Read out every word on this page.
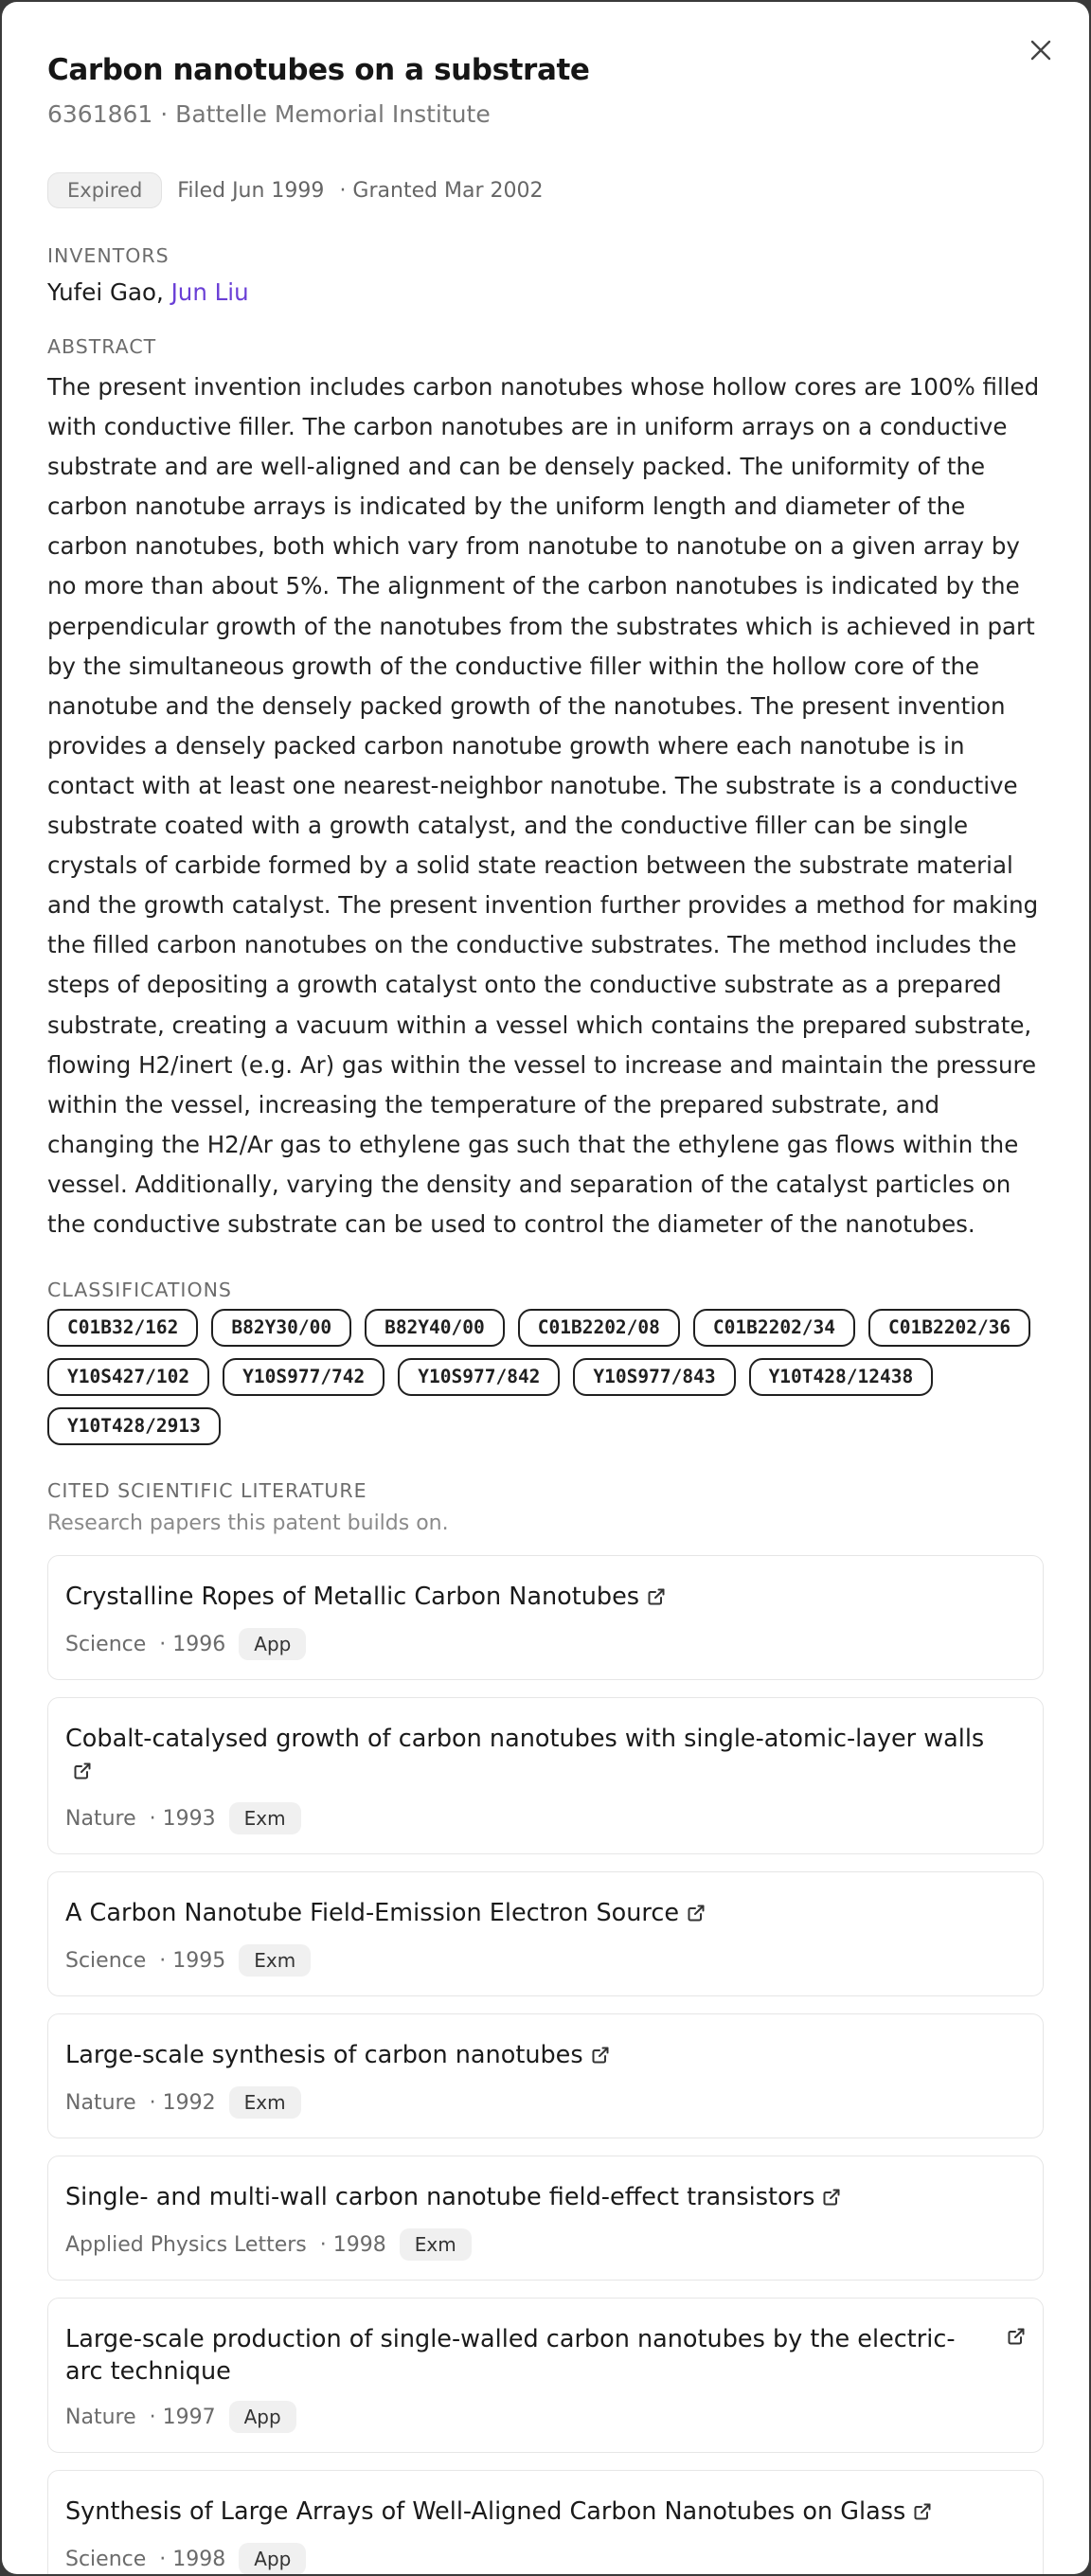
Carbon nanotubes on a substrate
6361861 · Battelle Memorial Institute
Expired	Filed Jun 1999 · Granted Mar 2002
INVENTORS
Yufei Gao, Jun Liu
ABSTRACT
The present invention includes carbon nanotubes whose hollow cores are 100% filled with conductive filler. The carbon nanotubes are in uniform arrays on a conductive substrate and are well-aligned and can be densely packed. The uniformity of the carbon nanotube arrays is indicated by the uniform length and diameter of the carbon nanotubes, both which vary from nanotube to nanotube on a given array by no more than about 5%. The alignment of the carbon nanotubes is indicated by the perpendicular growth of the nanotubes from the substrates which is achieved in part by the simultaneous growth of the conductive filler within the hollow core of the nanotube and the densely packed growth of the nanotubes. The present invention provides a densely packed carbon nanotube growth where each nanotube is in contact with at least one nearest-neighbor nanotube. The substrate is a conductive substrate coated with a growth catalyst, and the conductive filler can be single crystals of carbide formed by a solid state reaction between the substrate material and the growth catalyst. The present invention further provides a method for making the filled carbon nanotubes on the conductive substrates. The method includes the steps of depositing a growth catalyst onto the conductive substrate as a prepared substrate, creating a vacuum within a vessel which contains the prepared substrate, flowing H2/inert (e.g. Ar) gas within the vessel to increase and maintain the pressure within the vessel, increasing the temperature of the prepared substrate, and changing the H2/Ar gas to ethylene gas such that the ethylene gas flows within the vessel. Additionally, varying the density and separation of the catalyst particles on the conductive substrate can be used to control the diameter of the nanotubes.
CLASSIFICATIONS
C01B32/162	B82Y30/00	B82Y40/00	C01B2202/08	C01B2202/34	C01B2202/36
Y10S427/102	Y10S977/742	Y10S977/842	Y10S977/843	Y10T428/12438
Y10T428/2913
CITED SCIENTIFIC LITERATURE
Research papers this patent builds on.
Crystalline Ropes of Metallic Carbon Nanotubes
Science · 1996	App
Cobalt-catalysed growth of carbon nanotubes with single-atomic-layer walls
Nature · 1993	Exm
A Carbon Nanotube Field-Emission Electron Source
Science · 1995	Exm
Large-scale synthesis of carbon nanotubes
Nature · 1992	Exm
Single- and multi-wall carbon nanotube field-effect transistors
Applied Physics Letters · 1998	Exm
Large-scale production of single-walled carbon nanotubes by the electric-arc technique
Nature · 1997	App
Synthesis of Large Arrays of Well-Aligned Carbon Nanotubes on Glass
Science · 1998	App
